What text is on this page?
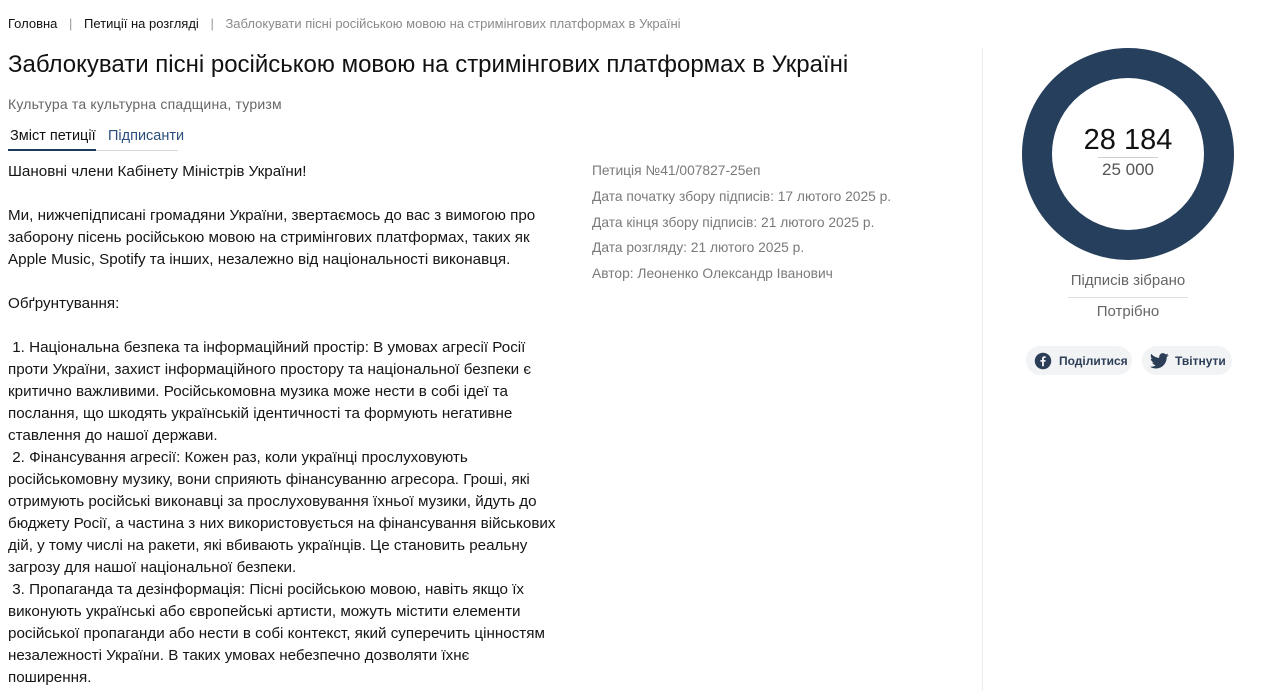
Головна | Петиції на розгляді | Заблокувати пісні російською мовою на стримінгових платформах в Україні
Заблокувати пісні російською мовою на стримінгових платформах в Україні
Культура та культурна спадщина, туризм
Зміст петиції Підписанти

Шановні члени Кабінету Міністрів України!

Ми, нижчепідписані громадяни України, звертаємось до вас з вимогою про заборону пісень російською мовою на стримінгових платформах, таких як Apple Music, Spotify та інших, незалежно від національності виконавця.

Обґрунтування:

1. Національна безпека та інформаційний простір: В умовах агресії Росії проти України, захист інформаційного простору та національної безпеки є критично важливими. Російськомовна музика може нести в собі ідеї та послання, що шкодять українській ідентичності та формують негативне ставлення до нашої держави.

2. Фінансування агресії: Кожен раз, коли українці прослуховують російськомовну музику, вони сприяють фінансуванню агресора. Гроші, які отримують російські виконавці за прослуховування їхньої музики, йдуть до бюджету Росії, а частина з них використовується на фінансування військових дій, у тому числі на ракети, які вбивають українців. Це становить реальну загрозу для нашої національної безпеки.

3. Пропаганда та дезінформація: Пісні російською мовою, навіть якщо їх виконують українські або європейські артисти, можуть містити елементи російської пропаганди або нести в собі контекст, який суперечить цінностям незалежності України. В таких умовах небезпечно дозволяти їхнє поширення.

Петиція №41/007827-25еп
Дата початку збору підписів: 17 лютого 2025 р.
Дата кінця збору підписів: 21 лютого 2025 р.
Дата розгляду: 21 лютого 2025 р.
Автор: Леоненко Олександр Іванович
28 184
25 000
Підписів зібрано
Потрібно
Поділитися	Твітнути
